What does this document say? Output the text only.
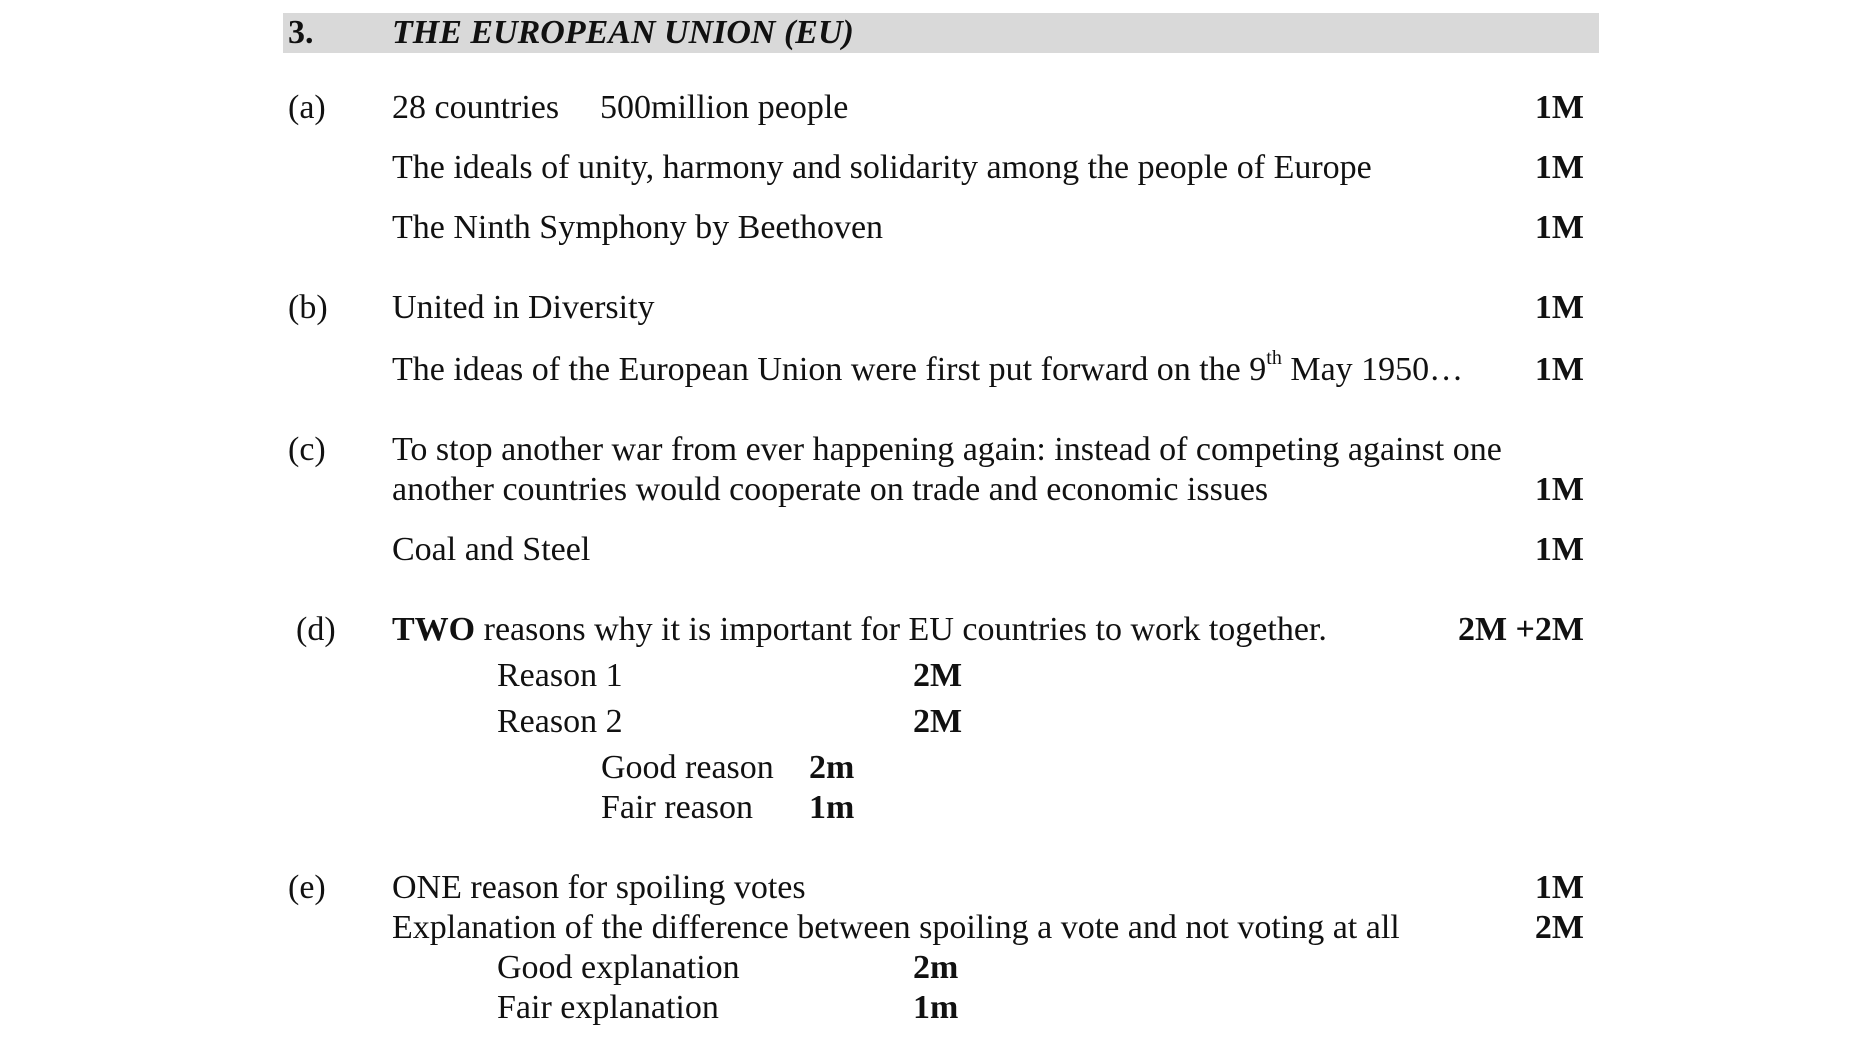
3. THE EUROPEAN UNION (EU)
(a) 28 countries 500million people	1M
The ideals of unity, harmony and solidarity among the people of Europe	1M
The Ninth Symphony by Beethoven	1M
(b) United in Diversity	1M
The ideas of the European Union were first put forward on the 9th May 1950… 1M
(c) To stop another war from ever happening again: instead of competing against one
another countries would cooperate on trade and economic issues	1M
Coal and Steel	1M
(d) TWO reasons why it is important for EU countries to work together.	2M +2M
Reason 1	2M
Reason 2	2M
Good reason 2m
Fair reason 1m
(e) ONE reason for spoiling votes	1M
Explanation of the difference between spoiling a vote and not voting at all	2M
Good explanation	2m
Fair explanation	1m
